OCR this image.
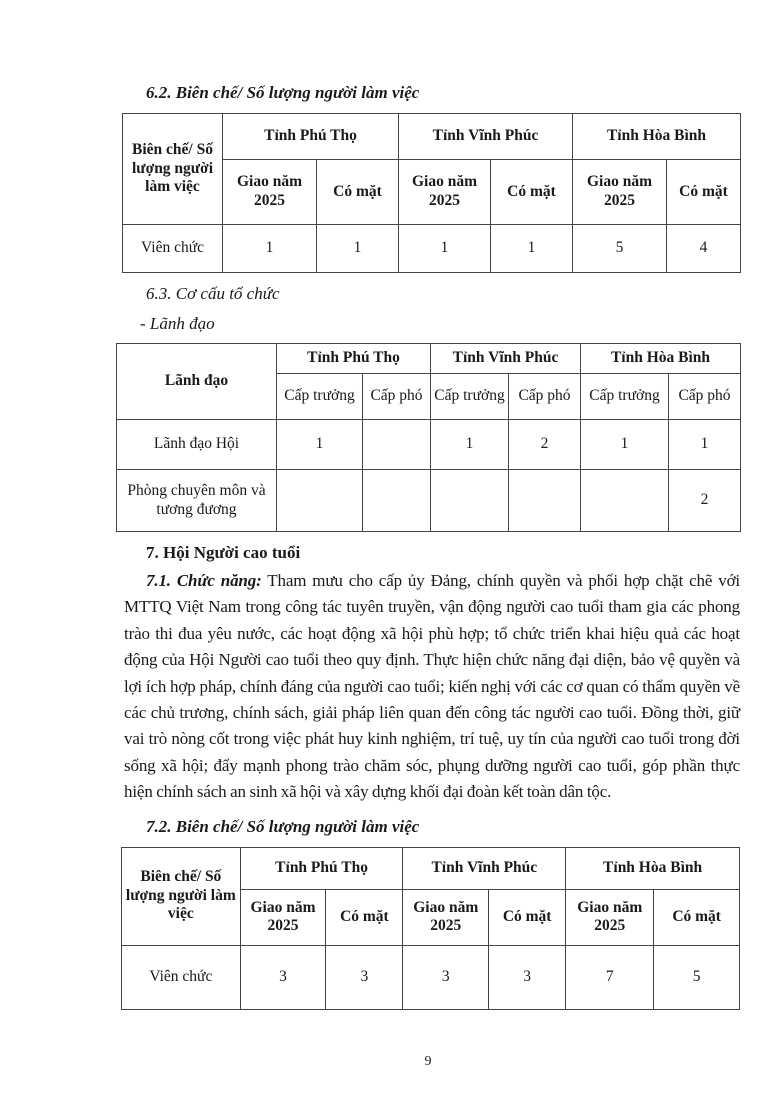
6.2. Biên chế/ Số lượng người làm việc
Biên chế/ Số lượng người làm việc	Tỉnh Phú Thọ		Tỉnh Vĩnh Phúc		Tỉnh Hòa Bình	
	Giao năm 2025	Có mặt	Giao năm 2025	Có mặt	Giao năm 2025	Có mặt
Viên chức	1	1	1	1	5	4
6.3. Cơ cấu tổ chức
- Lãnh đạo
Lãnh đạo	Tỉnh Phú Thọ		Tỉnh Vĩnh Phúc		Tỉnh Hòa Bình	
	Cấp trưởng	Cấp phó	Cấp trưởng	Cấp phó	Cấp trưởng	Cấp phó
Lãnh đạo Hội	1		1	2	1	1
Phòng chuyên môn và tương đương						2
7. Hội Người cao tuổi

7.1. Chức năng: Tham mưu cho cấp ủy Đảng, chính quyền và phối hợp chặt chẽ với MTTQ Việt Nam trong công tác tuyên truyền, vận động người cao tuổi tham gia các phong trào thi đua yêu nước, các hoạt động xã hội phù hợp; tổ chức triển khai hiệu quả các hoạt động của Hội Người cao tuổi theo quy định. Thực hiện chức năng đại diện, bảo vệ quyền và lợi ích hợp pháp, chính đáng của người cao tuổi; kiến nghị với các cơ quan có thẩm quyền về các chủ trương, chính sách, giải pháp liên quan đến công tác người cao tuổi. Đồng thời, giữ vai trò nòng cốt trong việc phát huy kinh nghiệm, trí tuệ, uy tín của người cao tuổi trong đời sống xã hội; đẩy mạnh phong trào chăm sóc, phụng dưỡng người cao tuổi, góp phần thực hiện chính sách an sinh xã hội và xây dựng khối đại đoàn kết toàn dân tộc.

7.2. Biên chế/ Số lượng người làm việc
Biên chế/ Số lượng người làm việc	Tỉnh Phú Thọ		Tỉnh Vĩnh Phúc		Tỉnh Hòa Bình	
	Giao năm 2025	Có mặt	Giao năm 2025	Có mặt	Giao năm 2025	Có mặt
Viên chức	3	3	3	3	7	5
9
